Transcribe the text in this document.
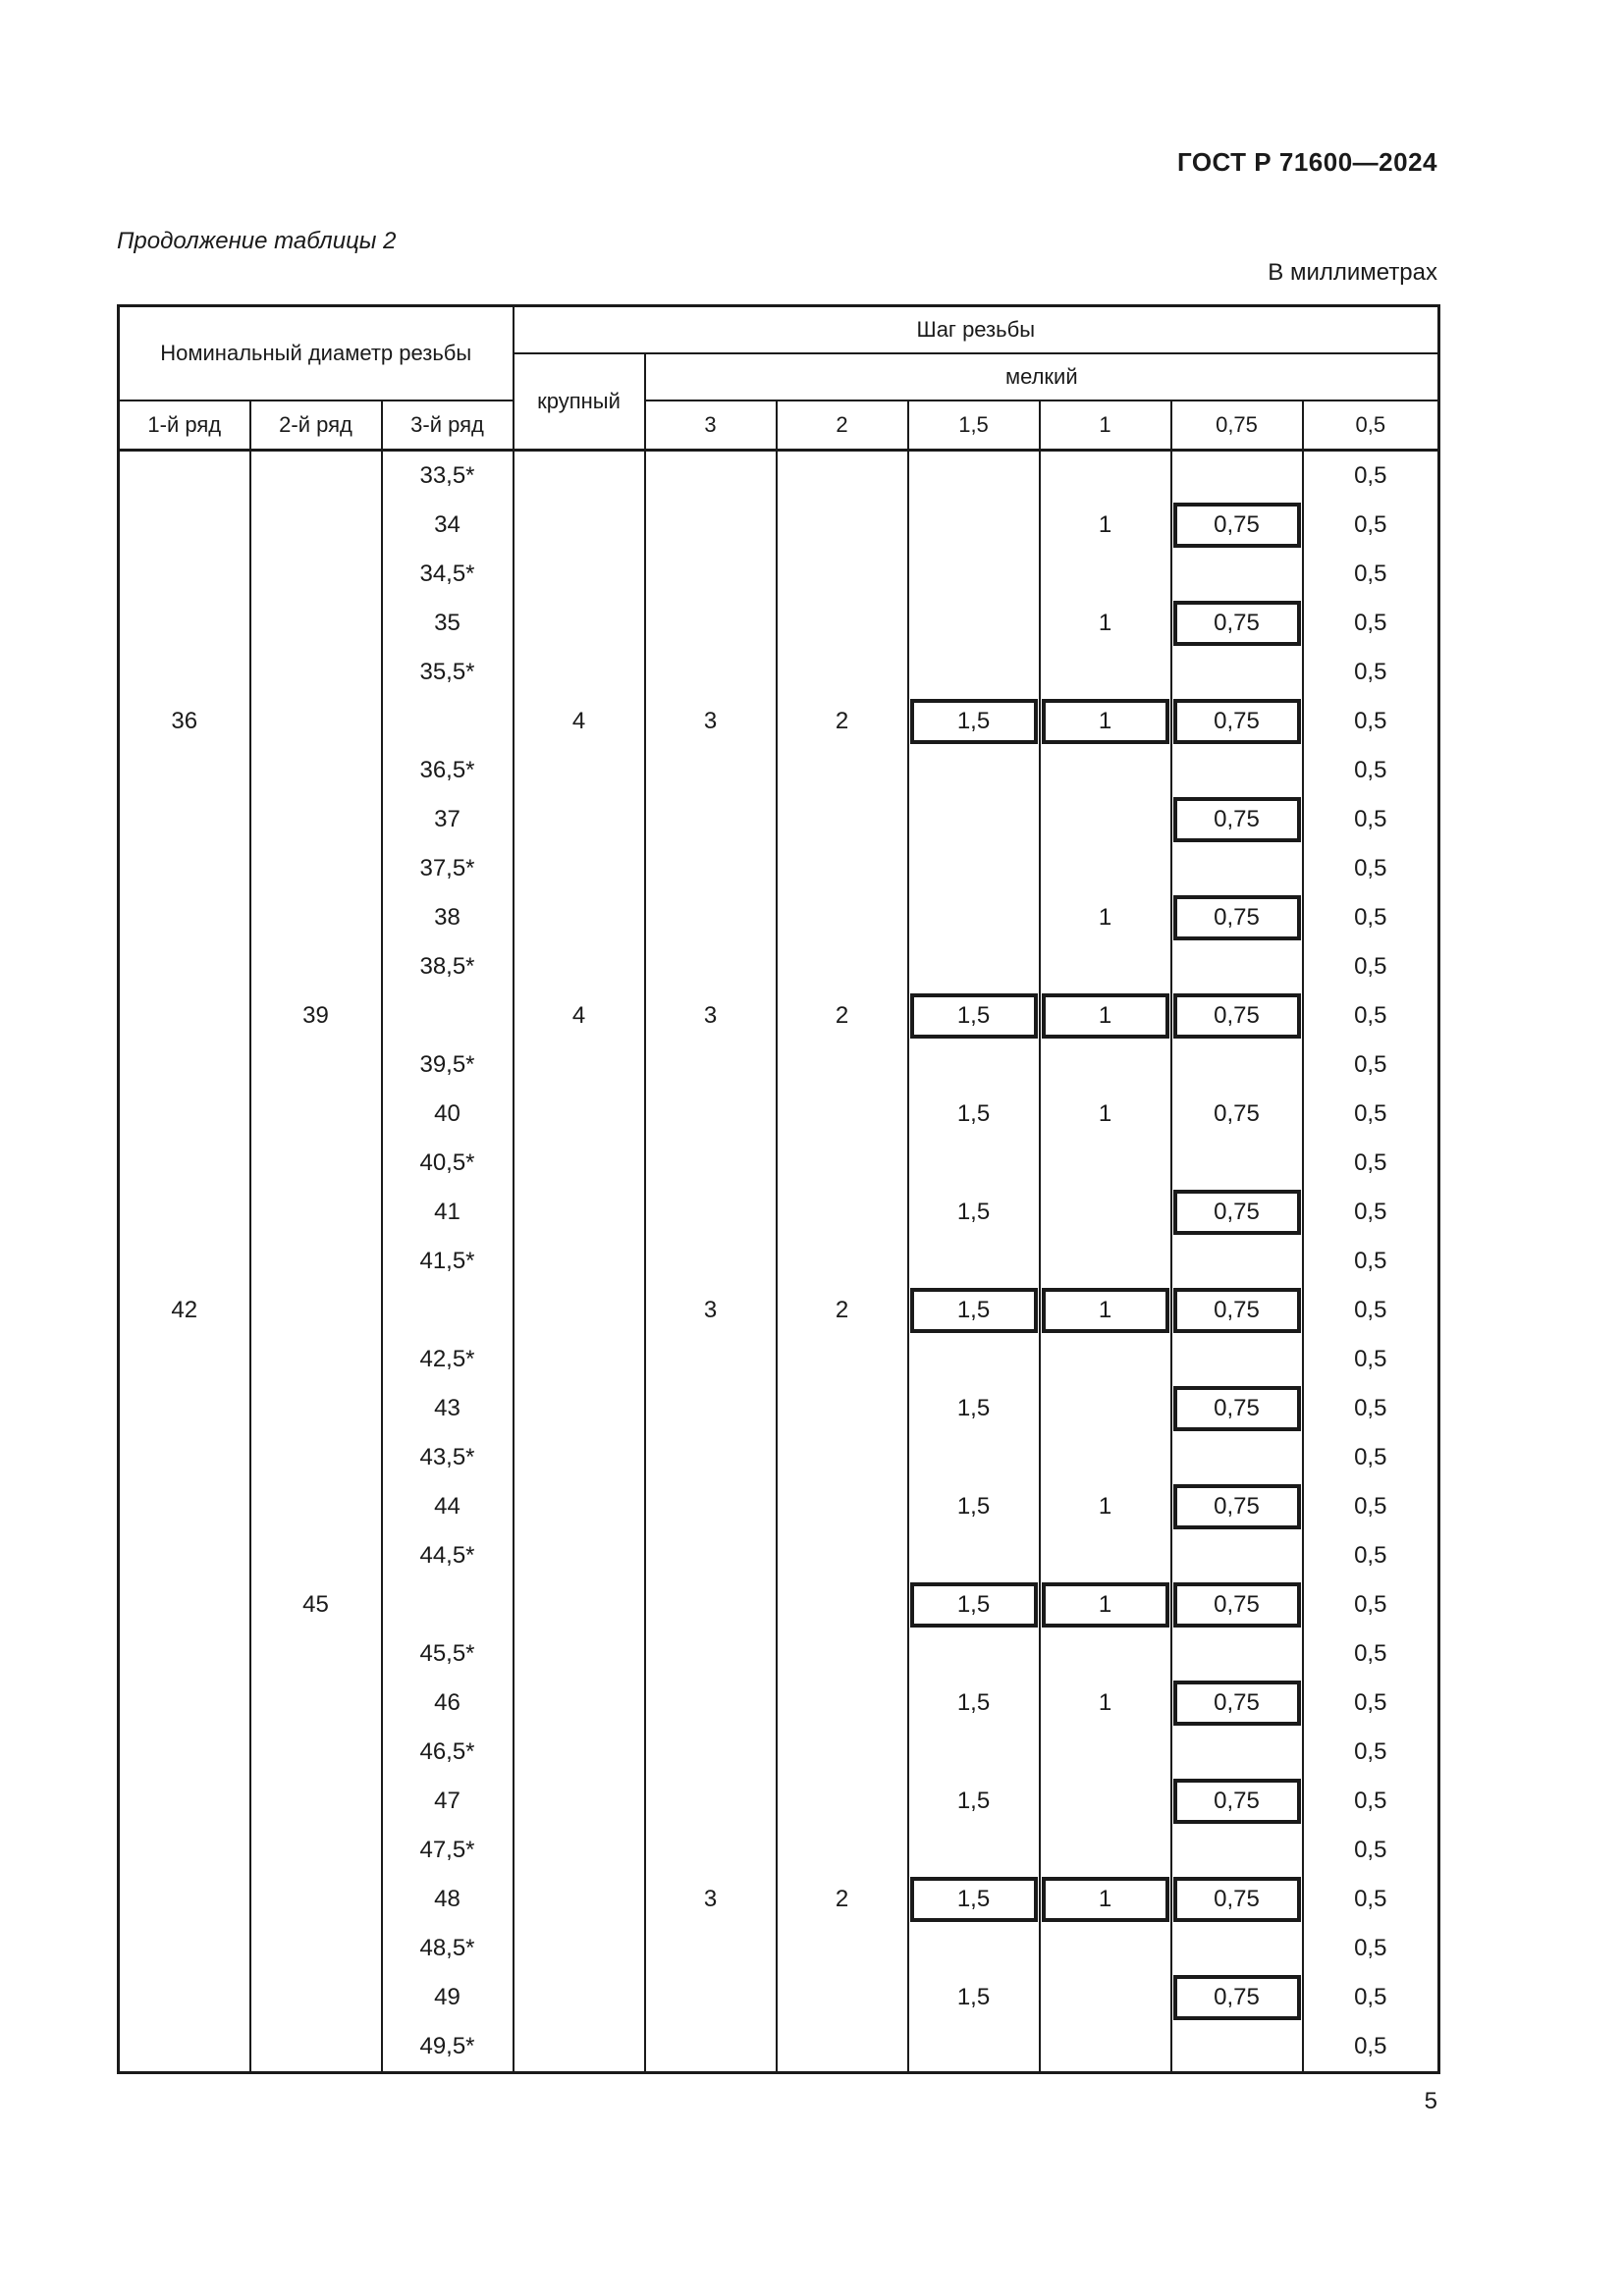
ГОСТ Р 71600—2024
Продолжение таблицы 2
В миллиметрах
Номинальный диаметр резьбы			Шаг резьбы						
			крупный	мелкий					
1-й ряд	2-й ряд	3-й ряд		3	2	1,5	1	0,75	0,5
		33,5*							0,5
		34					1	0,75	0,5
		34,5*							0,5
		35					1	0,75	0,5
		35,5*							0,5
36			4	3	2	1,5	1	0,75	0,5
		36,5*							0,5
		37						0,75	0,5
		37,5*							0,5
		38					1	0,75	0,5
		38,5*							0,5
	39		4	3	2	1,5	1	0,75	0,5
		39,5*							0,5
		40				1,5	1	0,75	0,5
		40,5*							0,5
		41				1,5		0,75	0,5
		41,5*							0,5
42				3	2	1,5	1	0,75	0,5
		42,5*							0,5
		43				1,5		0,75	0,5
		43,5*							0,5
		44				1,5	1	0,75	0,5
		44,5*							0,5
	45					1,5	1	0,75	0,5
		45,5*							0,5
		46				1,5	1	0,75	0,5
		46,5*							0,5
		47				1,5		0,75	0,5
		47,5*							0,5
		48		3	2	1,5	1	0,75	0,5
		48,5*							0,5
		49				1,5		0,75	0,5
		49,5*							0,5
5
